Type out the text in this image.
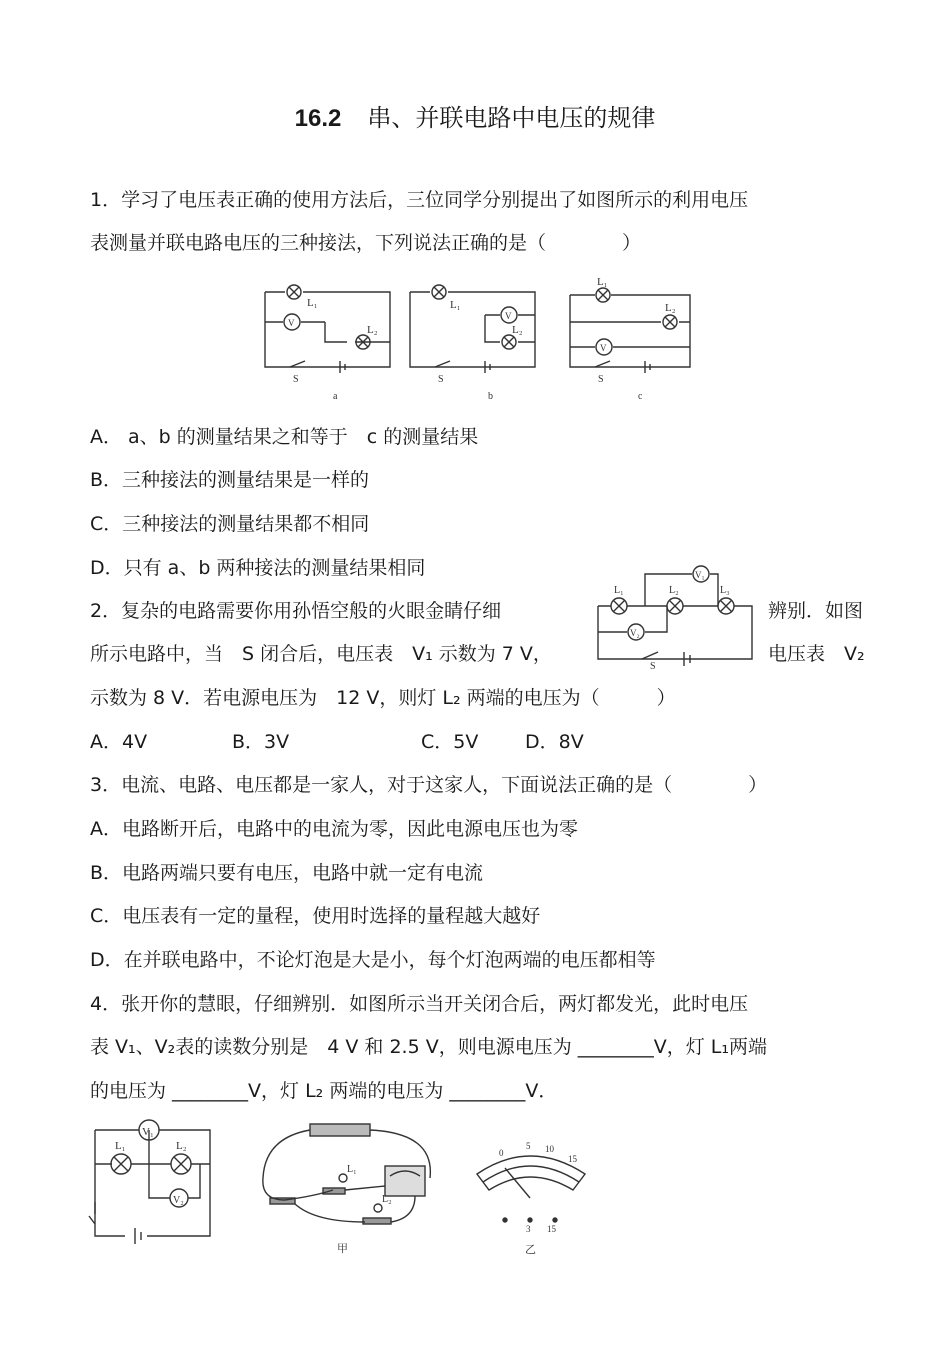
16.2 串、并联电路中电压的规律
1．学习了电压表正确的使用方法后，三位同学分别提出了如图所示的利用电压
表测量并联电路电压的三种接法，下列说法正确的是（　　　　）
L₁
L₂
V
S
a
L₁
L₂
V
S
b
L₁
L₂
V
S
c
A． a、b 的测量结果之和等于　c 的测量结果
B．三种接法的测量结果是一样的
C．三种接法的测量结果都不相同
D．只有 a、b 两种接法的测量结果相同
2．复杂的电路需要你用孙悟空般的火眼金睛仔细	辨别．如图
所示电路中，当　S 闭合后，电压表　V₁ 示数为 7 V，	电压表　V₂
示数为 8 V．若电源电压为　12 V，则灯 L₂ 两端的电压为（　　　）
L₁	L₂	L₃
V₁
V₂
S
A．4V	B．3V	C．5V D．8V
3．电流、电路、电压都是一家人，对于这家人，下面说法正确的是（　　　　）
A．电路断开后，电路中的电流为零，因此电源电压也为零
B．电路两端只要有电压，电路中就一定有电流
C．电压表有一定的量程，使用时选择的量程越大越好
D．在并联电路中，不论灯泡是大是小，每个灯泡两端的电压都相等
4．张开你的慧眼，仔细辨别．如图所示当开关闭合后，两灯都发光，此时电压
表 V₁、V₂表的读数分别是　4 V 和 2.5 V，则电源电压为 ________V，灯 L₁两端
的电压为 ________V，灯 L₂ 两端的电压为 ________V．
V₁
V₂
L₁	L₂
L₁
L₂
甲
0
5 10
15
3 15
乙
